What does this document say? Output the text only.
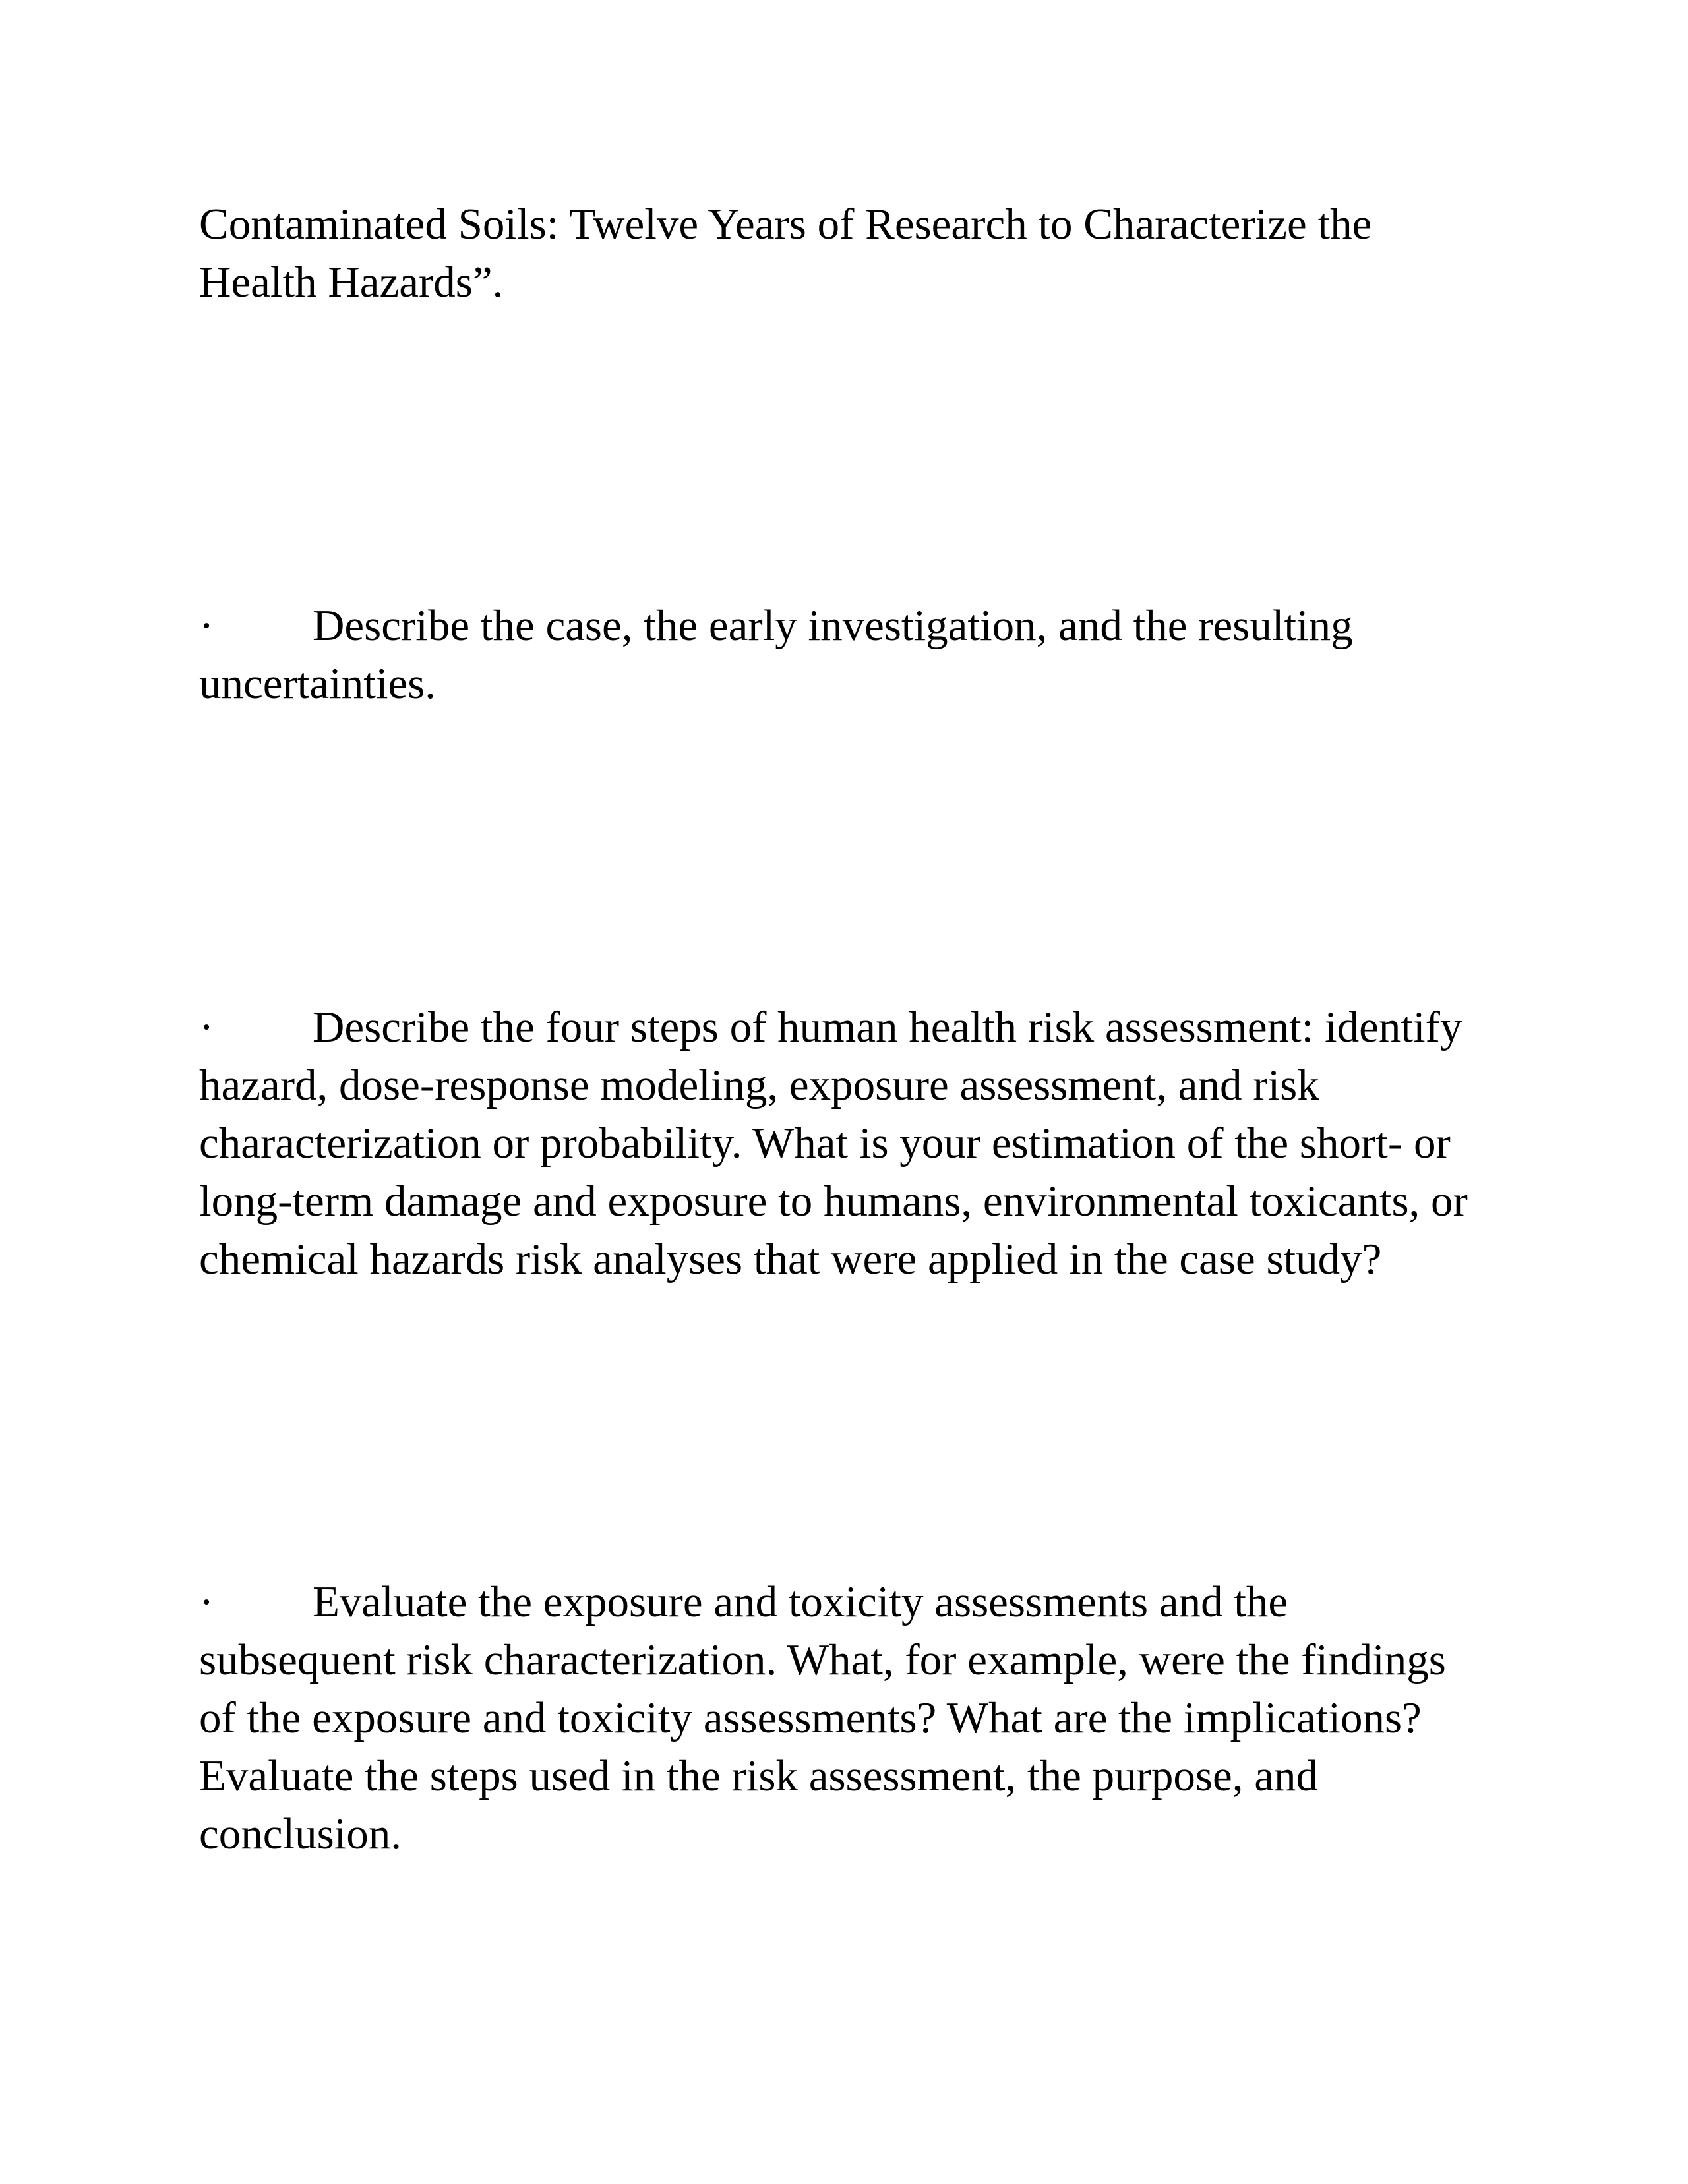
Contaminated Soils: Twelve Years of Research to Characterize the
Health Hazards”.

· Describe the case, the early investigation, and the resulting
uncertainties.

· Describe the four steps of human health risk assessment: identify
hazard, dose-response modeling, exposure assessment, and risk
characterization or probability. What is your estimation of the short- or
long-term damage and exposure to humans, environmental toxicants, or
chemical hazards risk analyses that were applied in the case study?

· Evaluate the exposure and toxicity assessments and the
subsequent risk characterization. What, for example, were the findings
of the exposure and toxicity assessments? What are the implications?
Evaluate the steps used in the risk assessment, the purpose, and
conclusion.
